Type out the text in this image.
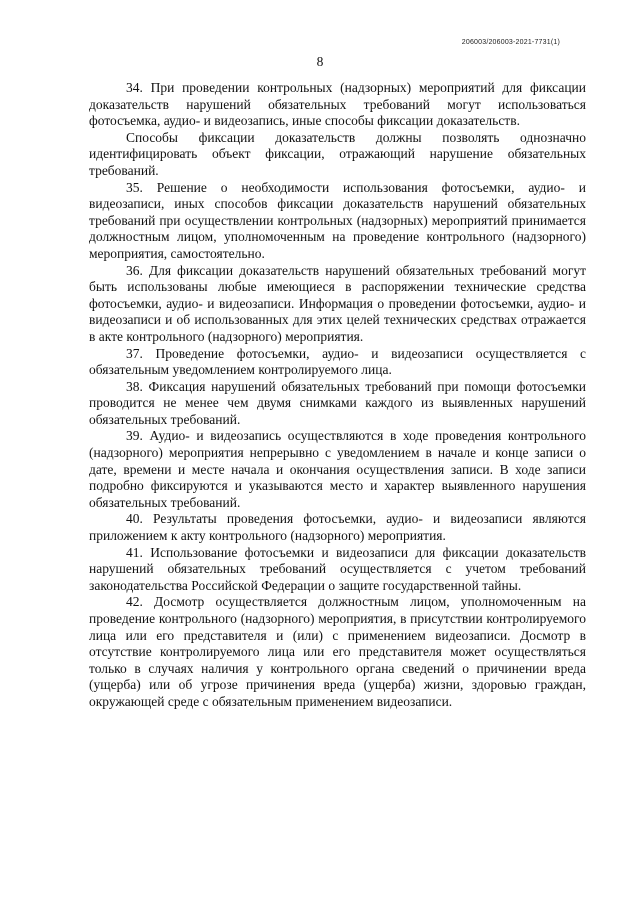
206003/206003-2021-7731(1)
8

34. При проведении контрольных (надзорных) мероприятий для фиксации доказательств нарушений обязательных требований могут использоваться фотосъемка, аудио- и видеозапись, иные способы фиксации доказательств.

Способы фиксации доказательств должны позволять однозначно идентифицировать объект фиксации, отражающий нарушение обязательных требований.

35. Решение о необходимости использования фотосъемки, аудио- и видеозаписи, иных способов фиксации доказательств нарушений обязательных требований при осуществлении контрольных (надзорных) мероприятий принимается должностным лицом, уполномоченным на проведение контрольного (надзорного) мероприятия, самостоятельно.

36. Для фиксации доказательств нарушений обязательных требований могут быть использованы любые имеющиеся в распоряжении технические средства фотосъемки, аудио- и видеозаписи. Информация о проведении фотосъемки, аудио- и видеозаписи и об использованных для этих целей технических средствах отражается в акте контрольного (надзорного) мероприятия.

37. Проведение фотосъемки, аудио- и видеозаписи осуществляется с обязательным уведомлением контролируемого лица.

38. Фиксация нарушений обязательных требований при помощи фотосъемки проводится не менее чем двумя снимками каждого из выявленных нарушений обязательных требований.

39. Аудио- и видеозапись осуществляются в ходе проведения контрольного (надзорного) мероприятия непрерывно с уведомлением в начале и конце записи о дате, времени и месте начала и окончания осуществления записи. В ходе записи подробно фиксируются и указываются место и характер выявленного нарушения обязательных требований.

40. Результаты проведения фотосъемки, аудио- и видеозаписи являются приложением к акту контрольного (надзорного) мероприятия.

41. Использование фотосъемки и видеозаписи для фиксации доказательств нарушений обязательных требований осуществляется с учетом требований законодательства Российской Федерации о защите государственной тайны.

42. Досмотр осуществляется должностным лицом, уполномоченным на проведение контрольного (надзорного) мероприятия, в присутствии контролируемого лица или его представителя и (или) с применением видеозаписи. Досмотр в отсутствие контролируемого лица или его представителя может осуществляться только в случаях наличия у контрольного органа сведений о причинении вреда (ущерба) или об угрозе причинения вреда (ущерба) жизни, здоровью граждан, окружающей среде с обязательным применением видеозаписи.
